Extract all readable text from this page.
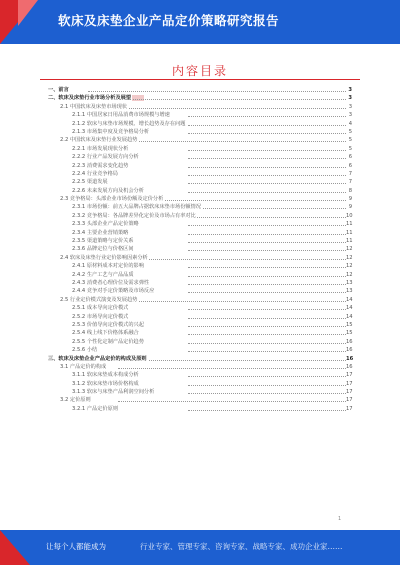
软床及床垫企业产品定价策略研究报告
内容目录
一、前言	3
二、软床及床垫行业市场分析及展望	3
2.1 中国软床及床垫市场现状	3
2.1.1 中国居家日用品消费市场规模与增速	3
2.1.2 软床与床垫市场规模、增长趋势及存在问题	4
2.1.3 市场集中度及竞争格局分析	5
2.2 中国软床及床垫行业发展趋势	5
2.2.1 市场发展现状分析	5
2.2.2 行业产品发展方向分析	6
2.2.3 消费需求变化趋势	6
2.2.4 行业竞争格局	7
2.2.5 渠道发展	7
2.2.6 未来发展方向及机会分析	8
2.3 竞争格局：头部企业市场份额及定价分析	9
2.3.1 市场份额：前五大品牌占据软床床垫市场份额情况	9
2.3.2 竞争格局：各品牌差异化定价及市场占有率对比	10
2.3.3 头部企业产品定价策略	11
2.3.4 主要企业营销策略	11
2.3.5 渠道策略与定价关系	11
2.3.6 品牌定位与价格区间	12
2.4 软床及床垫行业定价影响因素分析	12
2.4.1 原材料成本对定价的影响	12
2.4.2 生产工艺与产品品质	12
2.4.3 消费者心理价位及需求弹性	13
2.4.4 竞争对手定价策略及市场反应	13
2.5 行业定价模式演变及发展趋势	14
2.5.1 成本导向定价模式	14
2.5.2 市场导向定价模式	14
2.5.3 价值导向定价模式的兴起	15
2.5.4 线上线下价格体系融合	15
2.5.5 个性化定制产品定价趋势	16
2.5.6 小结	16
三、软床及床垫企业产品定价的构成及原则	16
3.1 产品定价的构成	16
3.1.1 软床床垫成本构成分析	17
3.1.2 软床床垫市场价格构成	17
3.1.3 软床与床垫产品利润空间分析	17
3.2 定价原则	17
3.2.1 产品定价原则	17
1
让每个人都能成为	行业专家、管理专家、咨询专家、战略专家、成功企业家……
